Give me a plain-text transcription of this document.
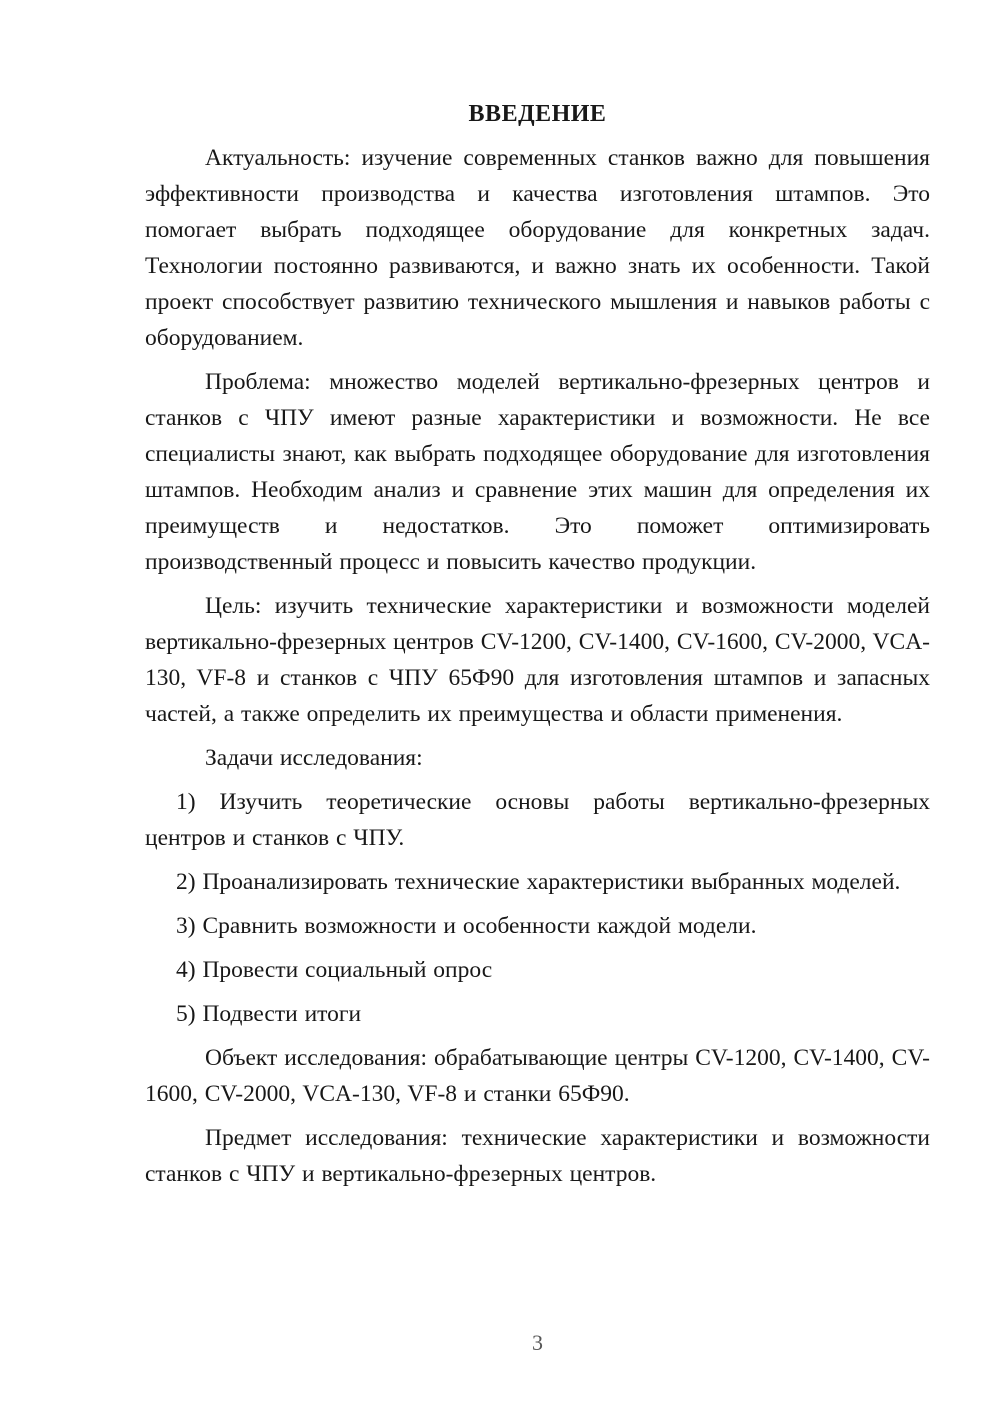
ВВЕДЕНИЕ

Актуальность: изучение современных станков важно для повышения эффективности производства и качества изготовления штампов. Это помогает выбрать подходящее оборудование для конкретных задач. Технологии постоянно развиваются, и важно знать их особенности. Такой проект способствует развитию технического мышления и навыков работы с оборудованием.

Проблема: множество моделей вертикально-фрезерных центров и станков с ЧПУ имеют разные характеристики и возможности. Не все специалисты знают, как выбрать подходящее оборудование для изготовления штампов. Необходим анализ и сравнение этих машин для определения их преимуществ и недостатков. Это поможет оптимизировать производственный процесс и повысить качество продукции.

Цель: изучить технические характеристики и возможности моделей вертикально-фрезерных центров CV-1200, CV-1400, CV-1600, CV-2000, VCA-130, VF-8 и станков с ЧПУ 65Ф90 для изготовления штампов и запасных частей, а также определить их преимущества и области применения.

Задачи исследования:

1) Изучить теоретические основы работы вертикально-фрезерных центров и станков с ЧПУ.

2) Проанализировать технические характеристики выбранных моделей.

3) Сравнить возможности и особенности каждой модели.

4) Провести социальный опрос

5) Подвести итоги

Объект исследования: обрабатывающие центры CV-1200, CV-1400, CV-1600, CV-2000, VCA-130, VF-8 и станки 65Ф90.

Предмет исследования: технические характеристики и возможности станков с ЧПУ и вертикально-фрезерных центров.

3
